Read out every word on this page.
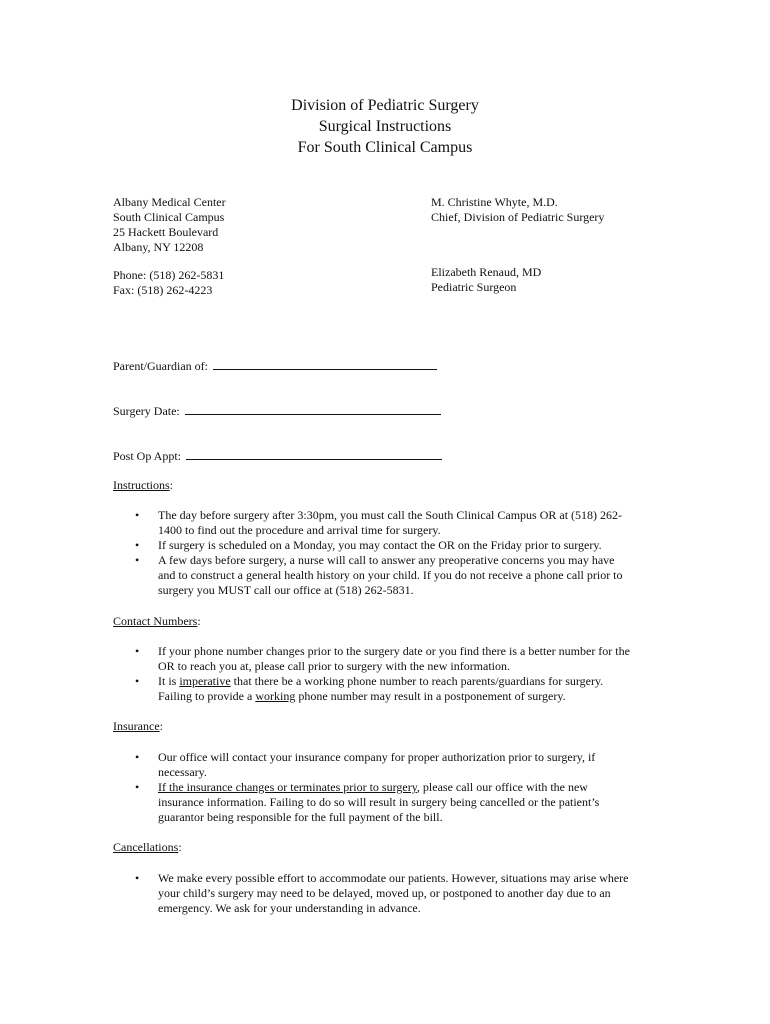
Division of Pediatric Surgery
Surgical Instructions
For South Clinical Campus
Albany Medical Center
South Clinical Campus
25 Hackett Boulevard
Albany, NY 12208
M. Christine Whyte, M.D.
Chief, Division of Pediatric Surgery
Phone: (518) 262-5831
Fax: (518) 262-4223
Elizabeth Renaud, MD
Pediatric Surgeon
Parent/Guardian of:
Surgery Date:
Post Op Appt:
Instructions:
• The day before surgery after 3:30pm, you must call the South Clinical Campus OR at (518) 262-
1400 to find out the procedure and arrival time for surgery.
• If surgery is scheduled on a Monday, you may contact the OR on the Friday prior to surgery.
• A few days before surgery, a nurse will call to answer any preoperative concerns you may have
and to construct a general health history on your child. If you do not receive a phone call prior to
surgery you MUST call our office at (518) 262-5831.
Contact Numbers:
• If your phone number changes prior to the surgery date or you find there is a better number for the
OR to reach you at, please call prior to surgery with the new information.
• It is imperative that there be a working phone number to reach parents/guardians for surgery.
Failing to provide a working phone number may result in a postponement of surgery.
Insurance:
• Our office will contact your insurance company for proper authorization prior to surgery, if
necessary.
• If the insurance changes or terminates prior to surgery, please call our office with the new
insurance information. Failing to do so will result in surgery being cancelled or the patient’s
guarantor being responsible for the full payment of the bill.
Cancellations:
• We make every possible effort to accommodate our patients. However, situations may arise where
your child’s surgery may need to be delayed, moved up, or postponed to another day due to an
emergency. We ask for your understanding in advance.
